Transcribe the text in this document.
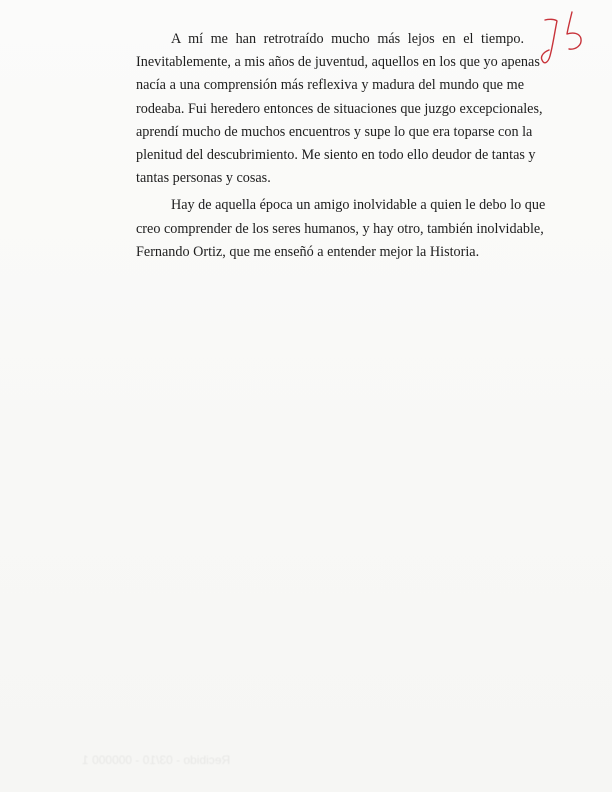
A mí me han retrotraído mucho más lejos en el tiempo.
Inevitablemente, a mis años de juventud, aquellos en los que yo apenas
nacía a una comprensión más reflexiva y madura del mundo que me
rodeaba. Fui heredero entonces de situaciones que juzgo excepcionales,
aprendí mucho de muchos encuentros y supe lo que era toparse con la
plenitud del descubrimiento. Me siento en todo ello deudor de tantas y
tantas personas y cosas.
Hay de aquella época un amigo inolvidable a quien le debo lo que
creo comprender de los seres humanos, y hay otro, también inolvidable,
Fernando Ortiz, que me enseñó a entender mejor la Historia.
Recibido - 03/10 - 000000 1
